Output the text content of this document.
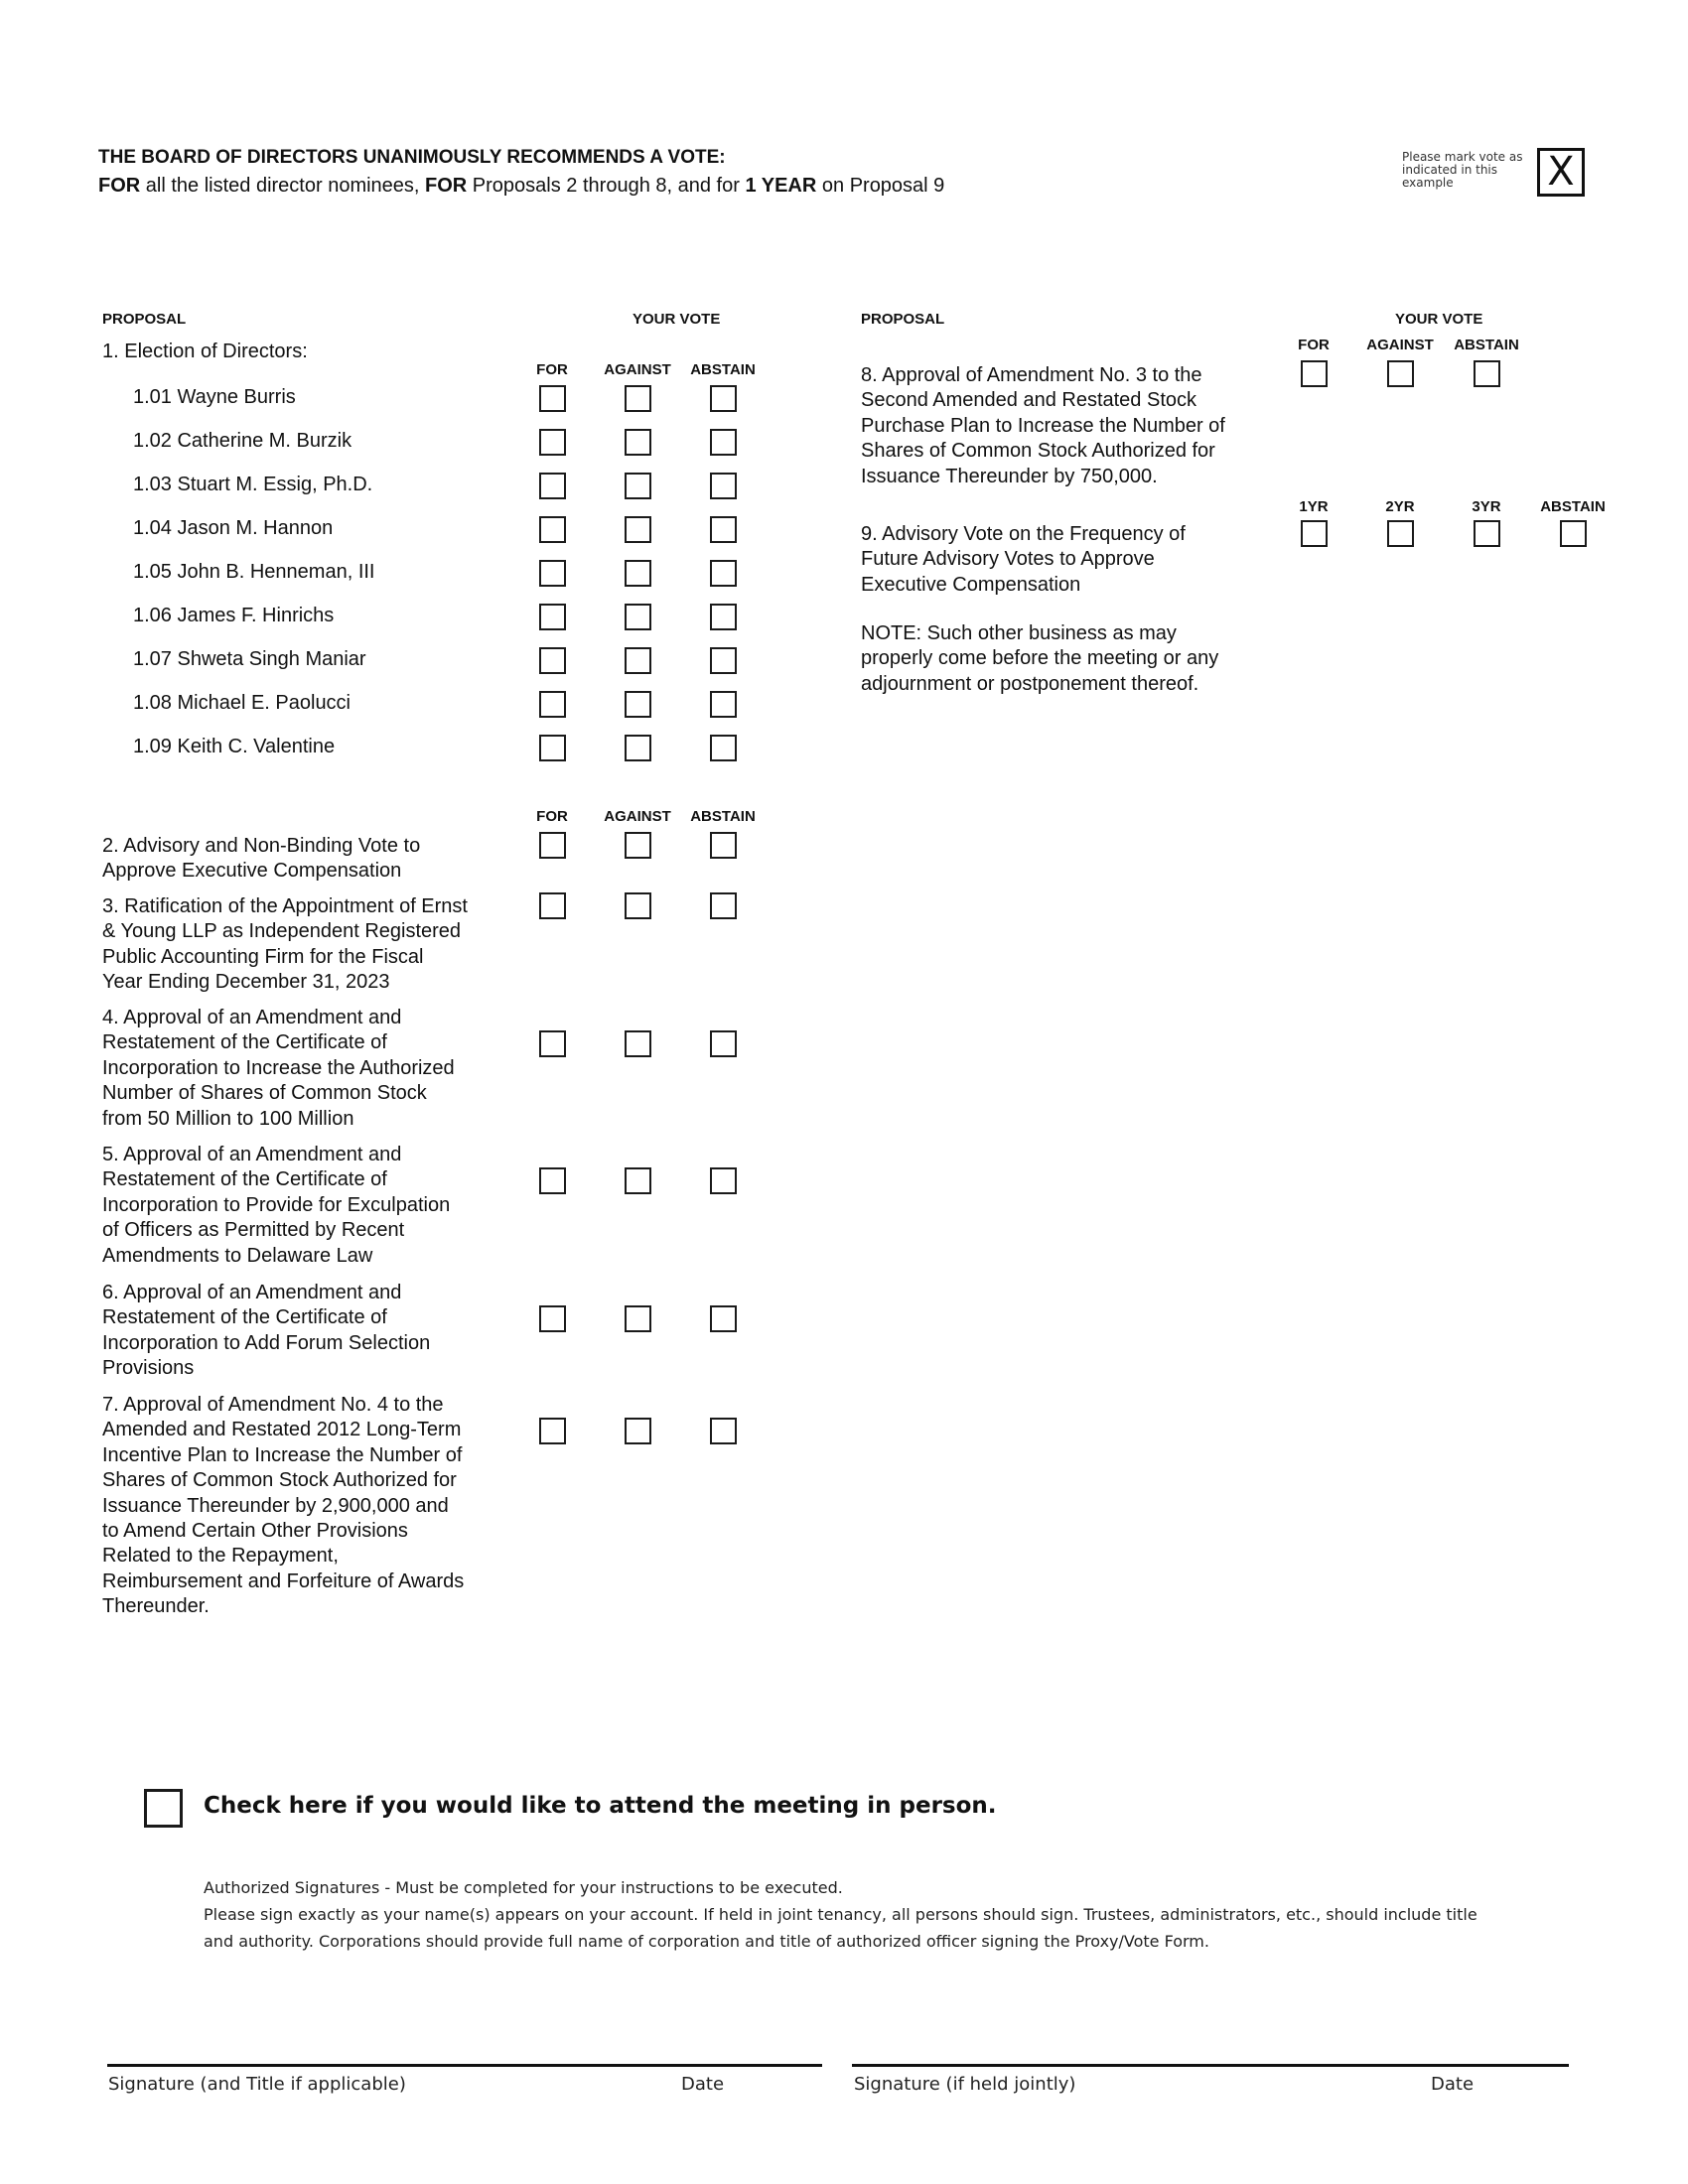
THE BOARD OF DIRECTORS UNANIMOUSLY RECOMMENDS A VOTE:
FOR all the listed director nominees, FOR Proposals 2 through 8, and for 1 YEAR on Proposal 9
Please mark vote as indicated in this example	X
PROPOSAL	YOUR VOTE
1. Election of Directors:
FOR	AGAINST	ABSTAIN
1.01 Wayne Burris
1.02 Catherine M. Burzik
1.03 Stuart M. Essig, Ph.D.
1.04 Jason M. Hannon
1.05 John B. Henneman, III
1.06 James F. Hinrichs
1.07 Shweta Singh Maniar
1.08 Michael E. Paolucci
1.09 Keith C. Valentine
FOR	AGAINST	ABSTAIN
2. Advisory and Non-Binding Vote to
Approve Executive Compensation
3. Ratification of the Appointment of Ernst
& Young LLP as Independent Registered
Public Accounting Firm for the Fiscal
Year Ending December 31, 2023
4. Approval of an Amendment and
Restatement of the Certificate of
Incorporation to Increase the Authorized
Number of Shares of Common Stock
from 50 Million to 100 Million
5. Approval of an Amendment and
Restatement of the Certificate of
Incorporation to Provide for Exculpation
of Officers as Permitted by Recent
Amendments to Delaware Law
6. Approval of an Amendment and
Restatement of the Certificate of
Incorporation to Add Forum Selection
Provisions
7. Approval of Amendment No. 4 to the
Amended and Restated 2012 Long-Term
Incentive Plan to Increase the Number of
Shares of Common Stock Authorized for
Issuance Thereunder by 2,900,000 and
to Amend Certain Other Provisions
Related to the Repayment,
Reimbursement and Forfeiture of Awards
Thereunder.
PROPOSAL	YOUR VOTE
FOR	AGAINST	ABSTAIN
8. Approval of Amendment No. 3 to the
Second Amended and Restated Stock
Purchase Plan to Increase the Number of
Shares of Common Stock Authorized for
Issuance Thereunder by 750,000.
1YR	2YR	3YR	ABSTAIN
9. Advisory Vote on the Frequency of
Future Advisory Votes to Approve
Executive Compensation
NOTE: Such other business as may
properly come before the meeting or any
adjournment or postponement thereof.
Check here if you would like to attend the meeting in person.
Authorized Signatures - Must be completed for your instructions to be executed.
Please sign exactly as your name(s) appears on your account. If held in joint tenancy, all persons should sign. Trustees, administrators, etc., should include title and authority. Corporations should provide full name of corporation and title of authorized officer signing the Proxy/Vote Form.
Signature (and Title if applicable)	Date	Signature (if held jointly)	Date
